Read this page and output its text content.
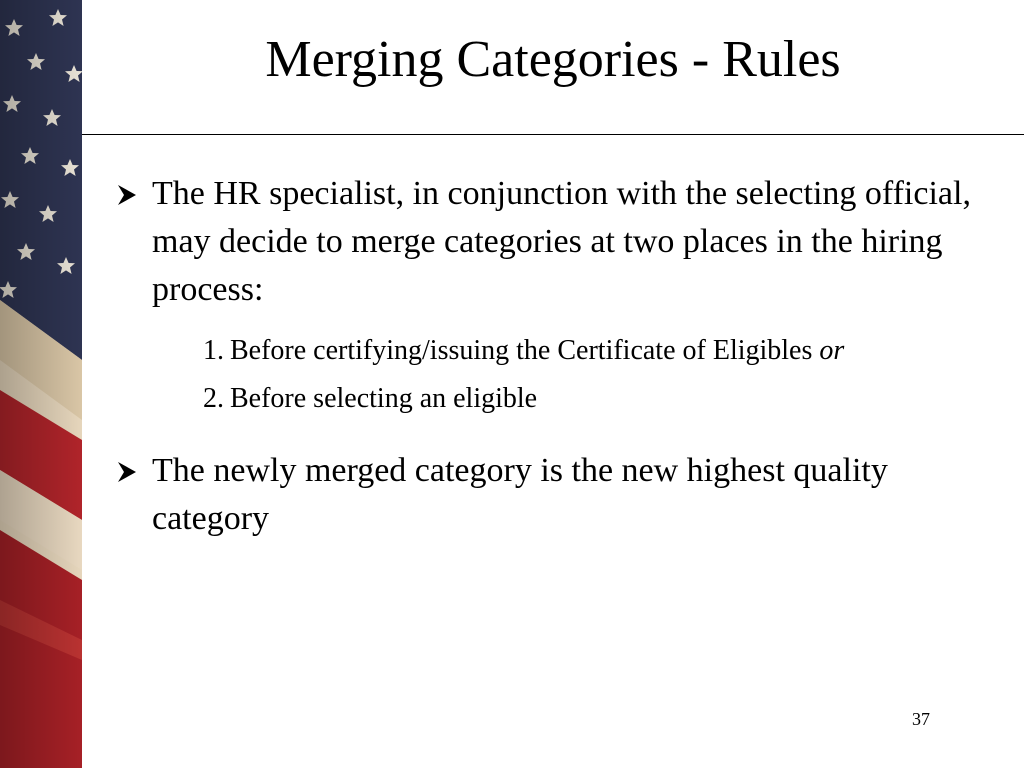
Merging Categories - Rules
The HR specialist, in conjunction with the selecting official, may decide to merge categories at two places in the hiring process:
1. Before certifying/issuing the Certificate of Eligibles or
2. Before selecting an eligible
The newly merged category is the new highest quality category
37
